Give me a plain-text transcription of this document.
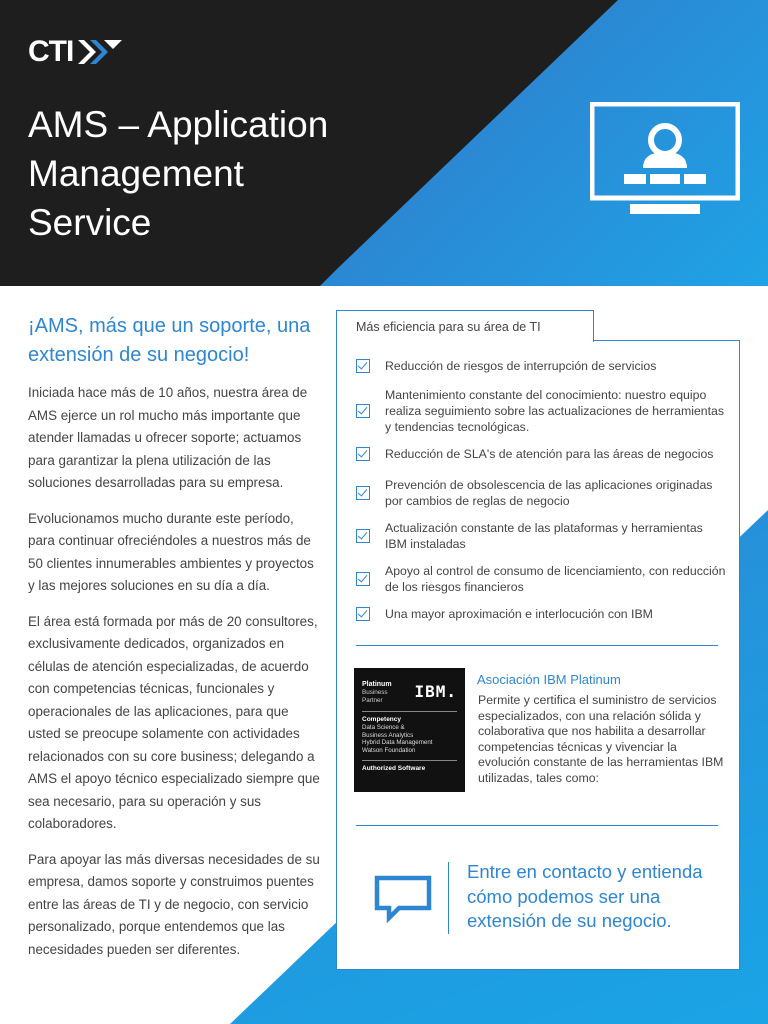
CTI
AMS – Application
Management
Service

¡AMS, más que un soporte, una extensión de su negocio!

Iniciada hace más de 10 años, nuestra área de AMS ejerce un rol mucho más importante que atender llamadas u ofrecer soporte; actuamos para garantizar la plena utilización de las soluciones desarrolladas para su empresa.

Evolucionamos mucho durante este período, para continuar ofreciéndoles a nuestros más de 50 clientes innumerables ambientes y proyectos y las mejores soluciones en su día a día.

El área está formada por más de 20 consultores, exclusivamente dedicados, organizados en células de atención especializadas, de acuerdo con competencias técnicas, funcionales y operacionales de las aplicaciones, para que usted se preocupe solamente con actividades relacionados con su core business; delegando a AMS el apoyo técnico especializado siempre que sea necesario, para su operación y sus colaboradores.

Para apoyar las más diversas necesidades de su empresa, damos soporte y construimos puentes entre las áreas de TI y de negocio, con servicio personalizado, porque entendemos que las necesidades pueden ser diferentes.

Más eficiencia para su área de TI
Reducción de riesgos de interrupción de servicios
Mantenimiento constante del conocimiento: nuestro equipo realiza seguimiento sobre las actualizaciones de herramientas y tendencias tecnológicas.
Reducción de SLA's de atención para las áreas de negocios
Prevención de obsolescencia de las aplicaciones originadas por cambios de reglas de negocio
Actualización constante de las plataformas y herramientas IBM instaladas
Apoyo al control de consumo de licenciamiento, con reducción de los riesgos financieros
Una mayor aproximación e interlocución con IBM
Platinum
Business
Partner	IBM.
Competency
Data Science &
Business Analytics
Hybrid Data Management
Watson Foundation
Authorized Software
Asociación IBM Platinum
Permite y certifica el suministro de servicios especializados, con una relación sólida y colaborativa que nos habilita a desarrollar competencias técnicas y vivenciar la evolución constante de las herramientas IBM utilizadas, tales como:
Entre en contacto y entienda cómo podemos ser una extensión de su negocio.
